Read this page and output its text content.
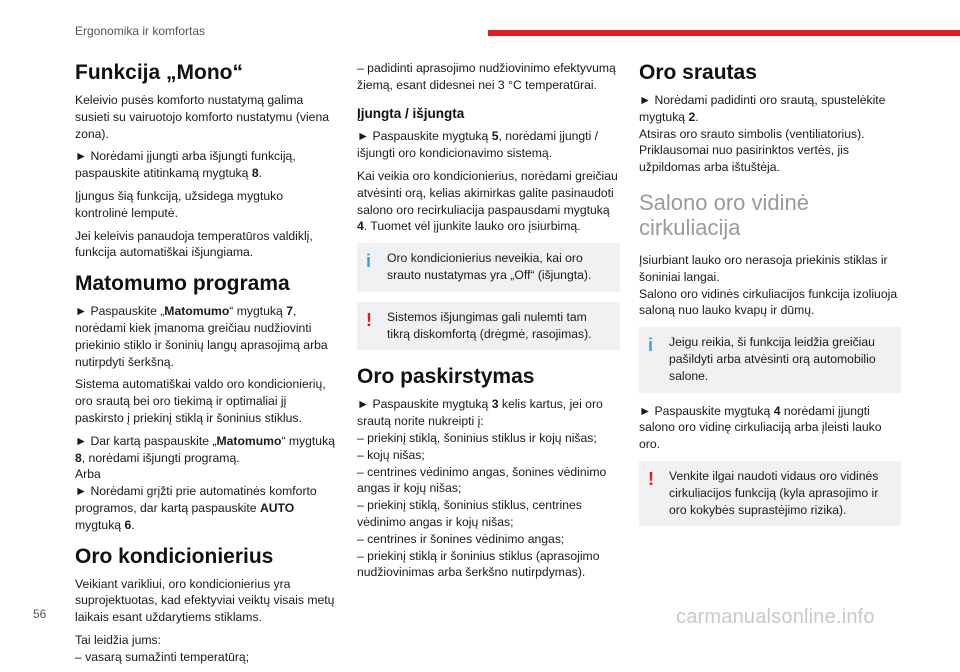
Ergonomika ir komfortas
Funkcija „Mono“

Keleivio pusės komforto nustatymą galima susieti su vairuotojo komforto nustatymu (viena zona).

► Norėdami įjungti arba išjungti funkciją, paspauskite atitinkamą mygtuką 8.

Įjungus šią funkciją, užsidega mygtuko kontrolinė lemputė.

Jei keleivis panaudoja temperatūros valdiklį, funkcija automatiškai išjungiama.

Matomumo programa

► Paspauskite „Matomumo“ mygtuką 7, norėdami kiek įmanoma greičiau nudžiovinti priekinio stiklo ir šoninių langų aprasojimą arba nutirpdyti šerkšną.

Sistema automatiškai valdo oro kondicionierių, oro srautą bei oro tiekimą ir optimaliai jį paskirsto į priekinį stiklą ir šoninius stiklus.

► Dar kartą paspauskite „Matomumo“ mygtuką 8, norėdami išjungti programą.

Arba

► Norėdami grįžti prie automatinės komforto programos, dar kartą paspauskite AUTO mygtuką 6.

Oro kondicionierius

Veikiant varikliui, oro kondicionierius yra suprojektuotas, kad efektyviai veiktų visais metų laikais esant uždarytiems stiklams.

Tai leidžia jums:

– vasarą sumažinti temperatūrą;

– padidinti aprasojimo nudžiovinimo efektyvumą žiemą, esant didesnei nei 3 °C temperatūrai.

Įjungta / išjungta

► Paspauskite mygtuką 5, norėdami įjungti / išjungti oro kondicionavimo sistemą.

Kai veikia oro kondicionierius, norėdami greičiau atvėsinti orą, kelias akimirkas galite pasinaudoti salono oro recirkuliacija paspausdami mygtuką 4. Tuomet vėl įjunkite lauko oro įsiurbimą.

i Oro kondicionierius neveikia, kai oro srauto nustatymas yra „Off“ (išjungta).
! Sistemos išjungimas gali nulemti tam tikrą diskomfortą (drėgmė, rasojimas).
Oro paskirstymas

► Paspauskite mygtuką 3 kelis kartus, jei oro srautą norite nukreipti į:

– priekinį stiklą, šoninius stiklus ir kojų nišas;
– kojų nišas;
– centrines vėdinimo angas, šonines vėdinimo angas ir kojų nišas;
– priekinį stiklą, šoninius stiklus, centrines vėdinimo angas ir kojų nišas;
– centrines ir šonines vėdinimo angas;
– priekinį stiklą ir šoninius stiklus (aprasojimo nudžiovinimas arba šerkšno nutirpdymas).
Oro srautas

► Norėdami padidinti oro srautą, spustelėkite mygtuką 2.

Atsiras oro srauto simbolis (ventiliatorius). Priklausomai nuo pasirinktos vertės, jis užpildomas arba ištuštėja.

Salono oro vidinė cirkuliacija

Įsiurbiant lauko oro nerasoja priekinis stiklas ir šoniniai langai.

Salono oro vidinės cirkuliacijos funkcija izoliuoja saloną nuo lauko kvapų ir dūmų.

i Jeigu reikia, ši funkcija leidžia greičiau pašildyti arba atvėsinti orą automobilio salone.

► Paspauskite mygtuką 4 norėdami įjungti salono oro vidinę cirkuliaciją arba įleisti lauko oro.

! Venkite ilgai naudoti vidaus oro vidinės cirkuliacijos funkciją (kyla aprasojimo ir oro kokybės suprastėjimo rizika).
56	carmanualsonline.info
